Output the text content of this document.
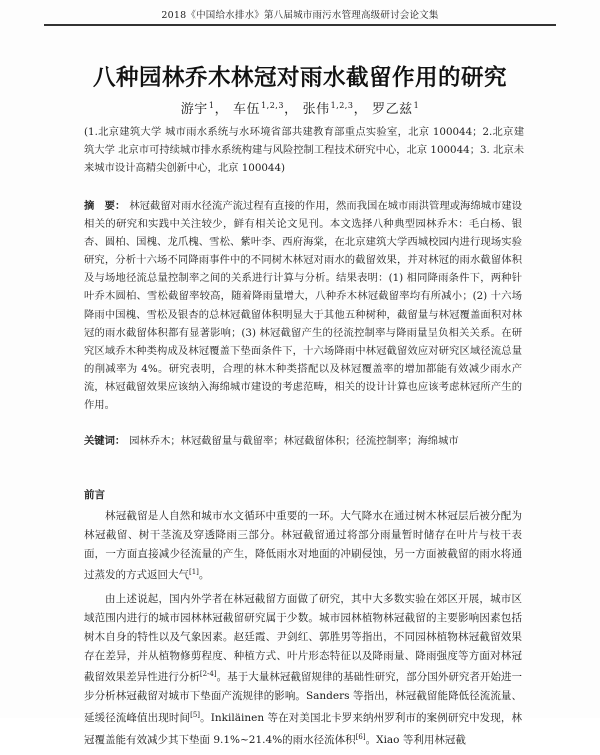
2018《中国给水排水》第八届城市雨污水管理高级研讨会论文集
八种园林乔木林冠对雨水截留作用的研究
游宇$^1$， 车伍$^{1,2,3}$， 张伟$^{1,2,3}$， 罗乙兹$^1$
(1.北京建筑大学 城市雨水系统与水环境省部共建教育部重点实验室，北京 100044；2.北京建筑大学 北京市可持续城市排水系统构建与风险控制工程技术研究中心，北京 100044；3. 北京未来城市设计高精尖创新中心，北京 100044)
摘　要： 林冠截留对雨水径流产流过程有直接的作用，然而我国在城市雨洪管理或海绵城市建设相关的研究和实践中关注较少，鲜有相关论文见刊。本文选择八种典型园林乔木：毛白杨、银杏、圆柏、国槐、龙爪槐、雪松、紫叶李、西府海棠，在北京建筑大学西城校园内进行现场实验研究，分析十六场不同降雨事件中的不同树木林冠对雨水的截留效果，并对林冠的雨水截留体积及与场地径流总量控制率之间的关系进行计算与分析。结果表明：(1) 相同降雨条件下，两种针叶乔木圆柏、雪松截留率较高，随着降雨量增大，八种乔木林冠截留率均有所减小；(2) 十六场降雨中国槐、雪松及银杏的总林冠截留体积明显大于其他五种树种，截留量与林冠覆盖面积对林冠的雨水截留体积都有显著影响；(3) 林冠截留产生的径流控制率与降雨量呈负相关关系。在研究区域乔木种类构成及林冠覆盖下垫面条件下，十六场降雨中林冠截留效应对研究区域径流总量的削减率为 4%。研究表明，合理的林木种类搭配以及林冠覆盖率的增加都能有效减少雨水产流，林冠截留效果应该纳入海绵城市建设的考虑范畴，相关的设计计算也应该考虑林冠所产生的作用。
关键词： 园林乔木；林冠截留量与截留率；林冠截留体积；径流控制率；海绵城市
前言

林冠截留是人自然和城市水文循环中重要的一环。大气降水在通过树木林冠层后被分配为林冠截留、树干茎流及穿透降雨三部分。林冠截留通过将部分雨量暂时储存在叶片与枝干表面，一方面直接减少径流量的产生，降低雨水对地面的冲刷侵蚀，另一方面被截留的雨水将通过蒸发的方式返回大气[1]。

由上述说起，国内外学者在林冠截留方面做了研究，其中大多数实验在郊区开展，城市区域范围内进行的城市园林林冠截留研究属于少数。城市园林植物林冠截留的主要影响因素包括树木自身的特性以及气象因素。赵廷霞、尹剑红、郭胜男等指出，不同园林植物林冠截留效果存在差异，并从植物修剪程度、种植方式、叶片形态特征以及降雨量、降雨强度等方面对林冠截留效果差异性进行分析[2-4]。基于大量林冠截留规律的基础性研究，部分国外研究者开始进一步分析林冠截留对城市下垫面产流规律的影响。Sanders 等指出，林冠截留能降低径流流量、延缓径流峰值出现时间[5]。Inkiläinen 等在对美国北卡罗来纳州罗利市的案例研究中发现，林冠覆盖能有效减少其下垫面 9.1%~21.4%的雨水径流体积[6]。Xiao 等利用林冠截
